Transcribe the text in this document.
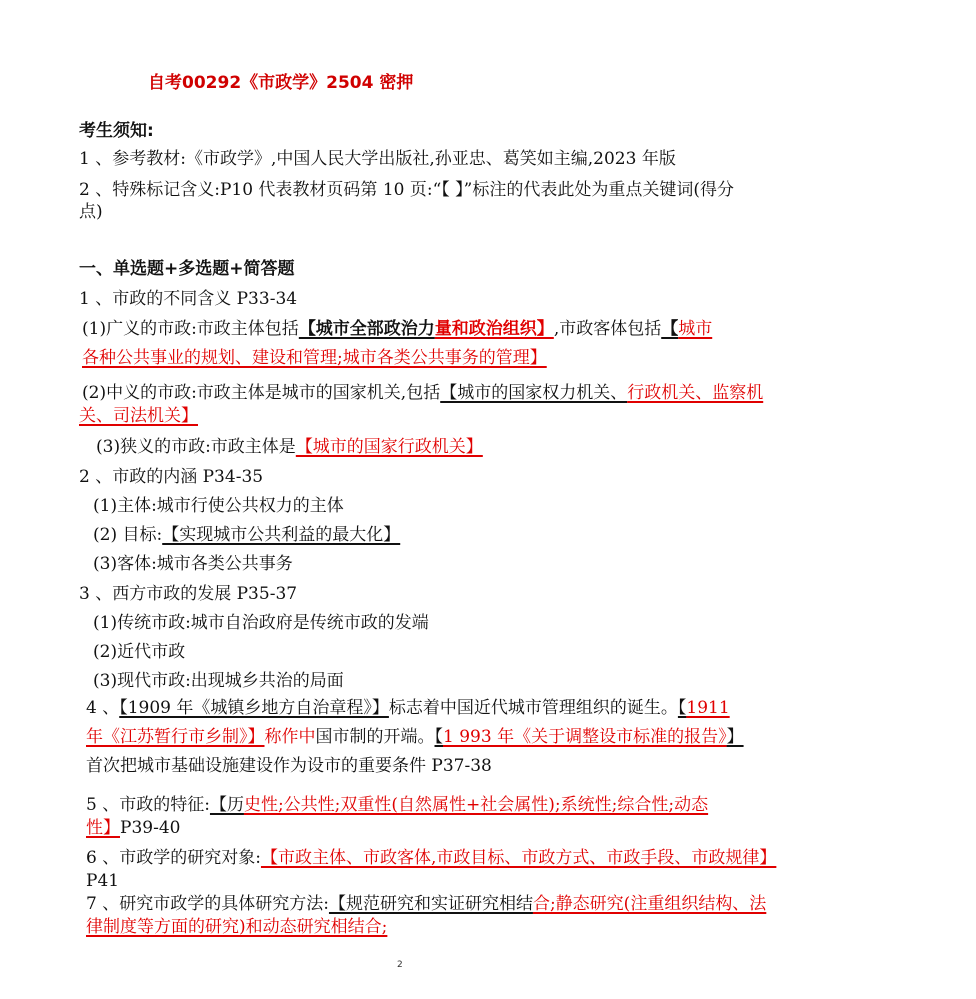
自考00292《市政学》2504 密押
考生须知:
1 、参考教材:《市政学》,中国人民大学出版社,孙亚忠、葛笑如主编,2023 年版
2 、特殊标记含义:P10 代表教材页码第 10 页:“【 】”标注的代表此处为重点关键词(得分
点)
一、单选题+多选题+简答题
1 、市政的不同含义 P33-34
(1)广义的市政:市政主体包括【城市全部政治力量和政治组织】,市政客体包括【城市
各种公共事业的规划、建设和管理;城市各类公共事务的管理】
(2)中义的市政:市政主体是城市的国家机关,包括【城市的国家权力机关、行政机关、监察机
关、司法机关】
(3)狭义的市政:市政主体是【城市的国家行政机关】
2 、市政的内涵 P34-35
(1)主体:城市行使公共权力的主体
(2) 目标:【实现城市公共利益的最大化】
(3)客体:城市各类公共事务
3 、西方市政的发展 P35-37
(1)传统市政:城市自治政府是传统市政的发端
(2)近代市政
(3)现代市政:出现城乡共治的局面
4 、【1909 年《城镇乡地方自治章程》】标志着中国近代城市管理组织的诞生。【1911
年《江苏暂行市乡制》】称作中国市制的开端。【1 993 年《关于调整设市标准的报告》】
首次把城市基础设施建设作为设市的重要条件 P37-38
5 、市政的特征:【历史性;公共性;双重性(自然属性+社会属性);系统性;综合性;动态
性】P39-40
6 、市政学的研究对象:【市政主体、市政客体,市政目标、市政方式、市政手段、市政规律】
P41
7 、研究市政学的具体研究方法:【规范研究和实证研究相结合;静态研究(注重组织结构、法
律制度等方面的研究)和动态研究相结合;
2
